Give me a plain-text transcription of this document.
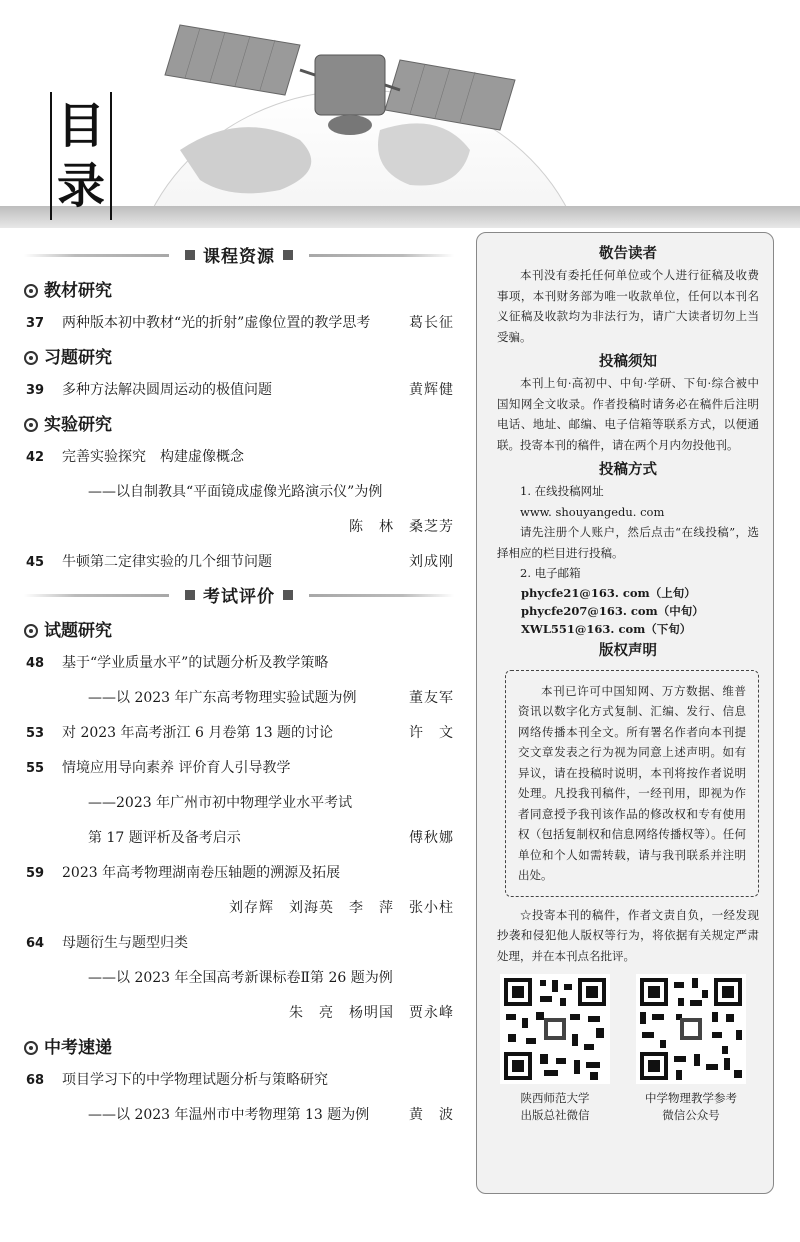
目
录
课程资源
教材研究
37 两种版本初中教材“光的折射”虚像位置的教学思考	葛长征
习题研究
39 多种方法解决圆周运动的极值问题	黄辉健
实验研究
42 完善实验探究　构建虚像概念
——以自制教具“平面镜成虚像光路演示仪”为例
陈　林　桑芝芳
45 牛顿第二定律实验的几个细节问题	刘成刚
考试评价
试题研究
48 基于“学业质量水平”的试题分析及教学策略
——以 2023 年广东高考物理实验试题为例	董友军
53 对 2023 年高考浙江 6 月卷第 13 题的讨论	许　文
55 情境应用导向素养 评价育人引导教学
——2023 年广州市初中物理学业水平考试
第 17 题评析及备考启示	傅秋娜
59 2023 年高考物理湖南卷压轴题的溯源及拓展
刘存辉　刘海英　李　萍　张小柱
64 母题衍生与题型归类
——以 2023 年全国高考新课标卷Ⅱ第 26 题为例
朱　亮　杨明国　贾永峰
中考速递
68 项目学习下的中学物理试题分析与策略研究
——以 2023 年温州市中考物理第 13 题为例	黄　波
敬告读者

本刊没有委托任何单位或个人进行征稿及收费事项，本刊财务部为唯一收款单位，任何以本刊名义征稿及收款均为非法行为，请广大读者切勿上当受骗。

投稿须知

本刊上旬·高初中、中旬·学研、下旬·综合被中国知网全文收录。作者投稿时请务必在稿件后注明电话、地址、邮编、电子信箱等联系方式，以便通联。投寄本刊的稿件，请在两个月内勿投他刊。

投稿方式

1. 在线投稿网址

www. shouyangedu. com

请先注册个人账户，然后点击“在线投稿”，选择相应的栏目进行投稿。

2. 电子邮箱

phycfe21@163. com（上旬）

phycfe207@163. com（中旬）

XWL551@163. com（下旬）

版权声明

本刊已许可中国知网、万方数据、维普资讯以数字化方式复制、汇编、发行、信息网络传播本刊全文。所有署名作者向本刊提交文章发表之行为视为同意上述声明。如有异议，请在投稿时说明，本刊将按作者说明处理。凡投我刊稿件，一经刊用，即视为作者同意授予我刊该作品的修改权和专有使用权（包括复制权和信息网络传播权等）。任何单位和个人如需转载，请与我刊联系并注明出处。

☆投寄本刊的稿件，作者文责自负，一经发现抄袭和侵犯他人版权等行为，将依据有关规定严肃处理，并在本刊点名批评。

陕西师范大学
出版总社微信
中学物理教学参考
微信公众号
